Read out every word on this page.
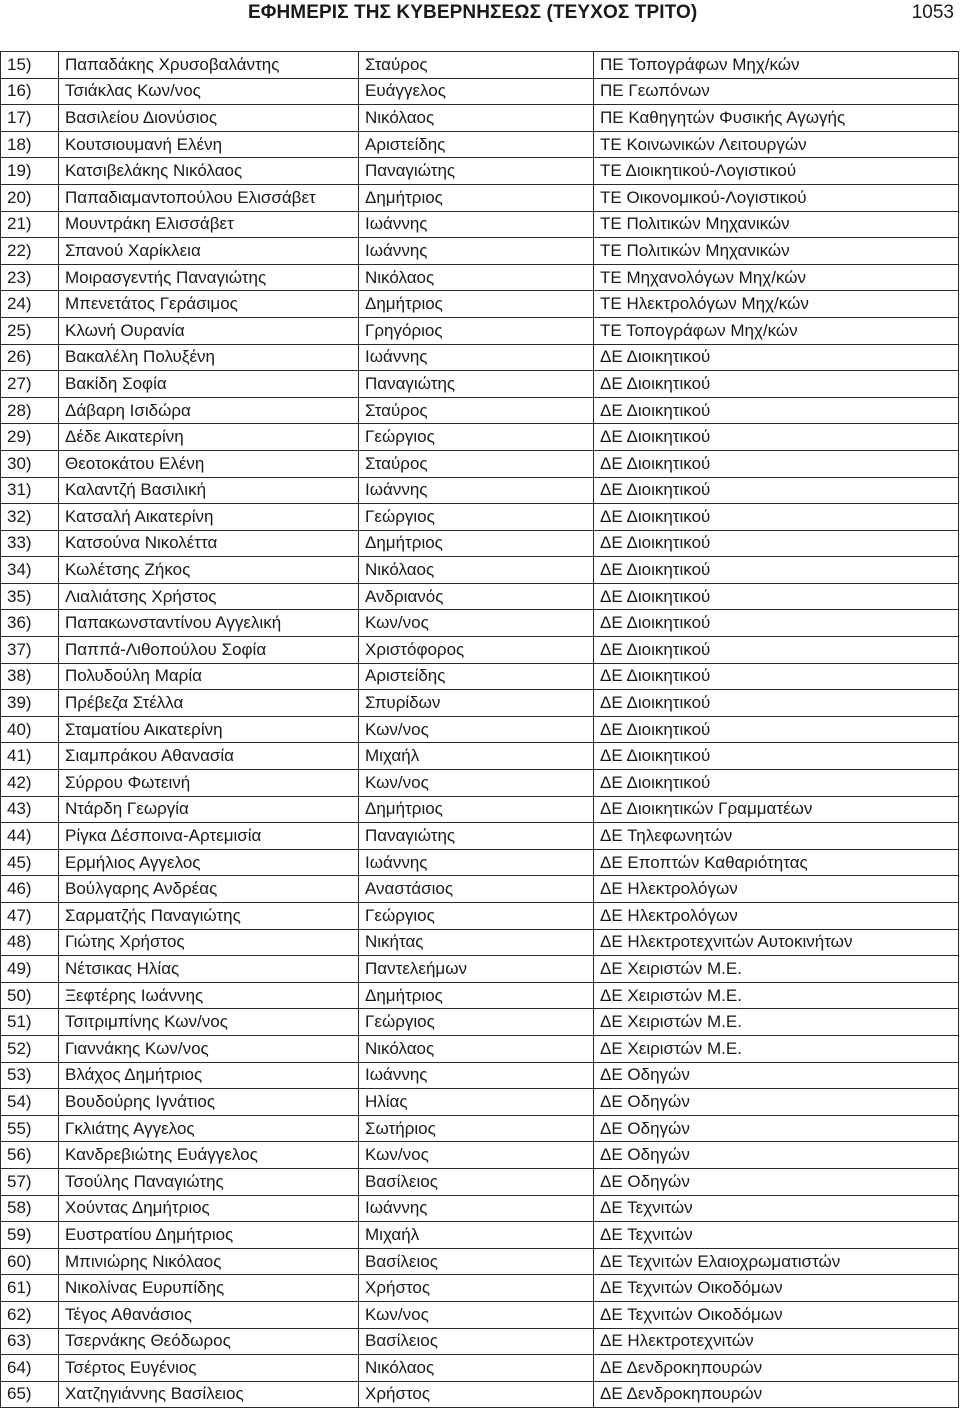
ΕΦΗΜΕΡΙΣ ΤΗΣ ΚΥΒΕΡΝΗΣΕΩΣ (ΤΕΥΧΟΣ ΤΡΙΤΟ)	1053
15)	Παπαδάκης Χρυσοβαλάντης	Σταύρος	ΠΕ Τοπογράφων Μηχ/κών
16)	Τσιάκλας Κων/νος	Ευάγγελος	ΠΕ Γεωπόνων
17)	Βασιλείου Διονύσιος	Νικόλαος	ΠΕ Καθηγητών Φυσικής Αγωγής
18)	Κουτσιουμανή Ελένη	Αριστείδης	ΤΕ Κοινωνικών Λειτουργών
19)	Κατσιβελάκης Νικόλαος	Παναγιώτης	ΤΕ Διοικητικού-Λογιστικού
20)	Παπαδιαμαντοπούλου Ελισσάβετ	Δημήτριος	ΤΕ Οικονομικού-Λογιστικού
21)	Μουντράκη Ελισσάβετ	Ιωάννης	ΤΕ Πολιτικών Μηχανικών
22)	Σπανού Χαρίκλεια	Ιωάννης	ΤΕ Πολιτικών Μηχανικών
23)	Μοιρασγεντής Παναγιώτης	Νικόλαος	ΤΕ Μηχανολόγων Μηχ/κών
24)	Μπενετάτος Γεράσιμος	Δημήτριος	ΤΕ Ηλεκτρολόγων Μηχ/κών
25)	Κλωνή Ουρανία	Γρηγόριος	ΤΕ Τοπογράφων Μηχ/κών
26)	Βακαλέλη Πολυξένη	Ιωάννης	ΔΕ Διοικητικού
27)	Βακίδη Σοφία	Παναγιώτης	ΔΕ Διοικητικού
28)	Δάβαρη Ισιδώρα	Σταύρος	ΔΕ Διοικητικού
29)	Δέδε Αικατερίνη	Γεώργιος	ΔΕ Διοικητικού
30)	Θεοτοκάτου Ελένη	Σταύρος	ΔΕ Διοικητικού
31)	Καλαντζή Βασιλική	Ιωάννης	ΔΕ Διοικητικού
32)	Κατσαλή Αικατερίνη	Γεώργιος	ΔΕ Διοικητικού
33)	Κατσούνα Νικολέττα	Δημήτριος	ΔΕ Διοικητικού
34)	Κωλέτσης Ζήκος	Νικόλαος	ΔΕ Διοικητικού
35)	Λιαλιάτσης Χρήστος	Ανδριανός	ΔΕ Διοικητικού
36)	Παπακωνσταντίνου Αγγελική	Κων/νος	ΔΕ Διοικητικού
37)	Παππά-Λιθοπούλου Σοφία	Χριστόφορος	ΔΕ Διοικητικού
38)	Πολυδούλη Μαρία	Αριστείδης	ΔΕ Διοικητικού
39)	Πρέβεζα Στέλλα	Σπυρίδων	ΔΕ Διοικητικού
40)	Σταματίου Αικατερίνη	Κων/νος	ΔΕ Διοικητικού
41)	Σιαμπράκου Αθανασία	Μιχαήλ	ΔΕ Διοικητικού
42)	Σύρρου Φωτεινή	Κων/νος	ΔΕ Διοικητικού
43)	Ντάρδη Γεωργία	Δημήτριος	ΔΕ Διοικητικών Γραμματέων
44)	Ρίγκα Δέσποινα-Αρτεμισία	Παναγιώτης	ΔΕ Τηλεφωνητών
45)	Ερμήλιος Αγγελος	Ιωάννης	ΔΕ Εποπτών Καθαριότητας
46)	Βούλγαρης Ανδρέας	Αναστάσιος	ΔΕ Ηλεκτρολόγων
47)	Σαρματζής Παναγιώτης	Γεώργιος	ΔΕ Ηλεκτρολόγων
48)	Γιώτης Χρήστος	Νικήτας	ΔΕ Ηλεκτροτεχνιτών Αυτοκινήτων
49)	Νέτσικας Ηλίας	Παντελεήμων	ΔΕ Χειριστών Μ.Ε.
50)	Ξεφτέρης Ιωάννης	Δημήτριος	ΔΕ Χειριστών Μ.Ε.
51)	Τσιτριμπίνης Κων/νος	Γεώργιος	ΔΕ Χειριστών Μ.Ε.
52)	Γιαννάκης Κων/νος	Νικόλαος	ΔΕ Χειριστών Μ.Ε.
53)	Βλάχος Δημήτριος	Ιωάννης	ΔΕ Οδηγών
54)	Βουδούρης Ιγνάτιος	Ηλίας	ΔΕ Οδηγών
55)	Γκλιάτης Αγγελος	Σωτήριος	ΔΕ Οδηγών
56)	Κανδρεβιώτης Ευάγγελος	Κων/νος	ΔΕ Οδηγών
57)	Τσούλης Παναγιώτης	Βασίλειος	ΔΕ Οδηγών
58)	Χούντας Δημήτριος	Ιωάννης	ΔΕ Τεχνιτών
59)	Ευστρατίου Δημήτριος	Μιχαήλ	ΔΕ Τεχνιτών
60)	Μπινιώρης Νικόλαος	Βασίλειος	ΔΕ Τεχνιτών Ελαιοχρωματιστών
61)	Νικολίνας Ευρυπίδης	Χρήστος	ΔΕ Τεχνιτών Οικοδόμων
62)	Τέγος Αθανάσιος	Κων/νος	ΔΕ Τεχνιτών Οικοδόμων
63)	Τσερνάκης Θεόδωρος	Βασίλειος	ΔΕ Ηλεκτροτεχνιτών
64)	Τσέρτος Ευγένιος	Νικόλαος	ΔΕ Δενδροκηπουρών
65)	Χατζηγιάννης Βασίλειος	Χρήστος	ΔΕ Δενδροκηπουρών
